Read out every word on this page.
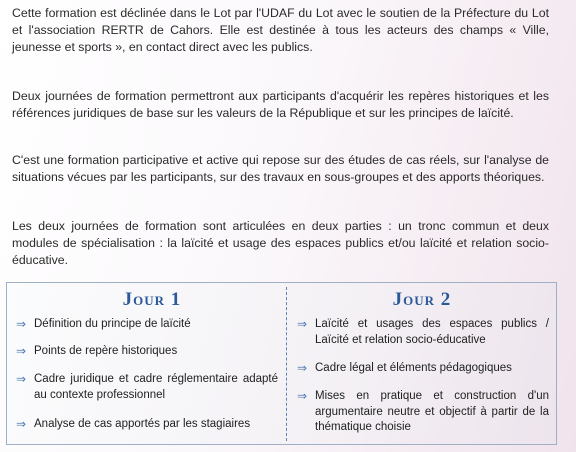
Cette formation est déclinée dans le Lot par l'UDAF du Lot avec le soutien de la Préfecture du Lot et l'association RERTR de Cahors. Elle est destinée à tous les acteurs des champs « Ville, jeunesse et sports », en contact direct avec les publics.

Deux journées de formation permettront aux participants d'acquérir les repères historiques et les références juridiques de base sur les valeurs de la République et sur les principes de laïcité.

C'est une formation participative et active qui repose sur des études de cas réels, sur l'analyse de situations vécues par les participants, sur des travaux en sous-groupes et des apports théoriques.

Les deux journées de formation sont articulées en deux parties : un tronc commun et deux modules de spécialisation : la laïcité et usage des espaces publics et/ou laïcité et relation socio-éducative.

Jour 1	Jour 2
⇒ Définition du principe de laïcité
⇒ Points de repère historiques
⇒ Cadre juridique et cadre réglementaire adapté au contexte professionnel
⇒ Analyse de cas apportés par les stagiaires
⇒ Laïcité et usages des espaces publics / Laïcité et relation socio-éducative
⇒ Cadre légal et éléments pédagogiques
⇒ Mises en pratique et construction d'un argumentaire neutre et objectif à partir de la thématique choisie
